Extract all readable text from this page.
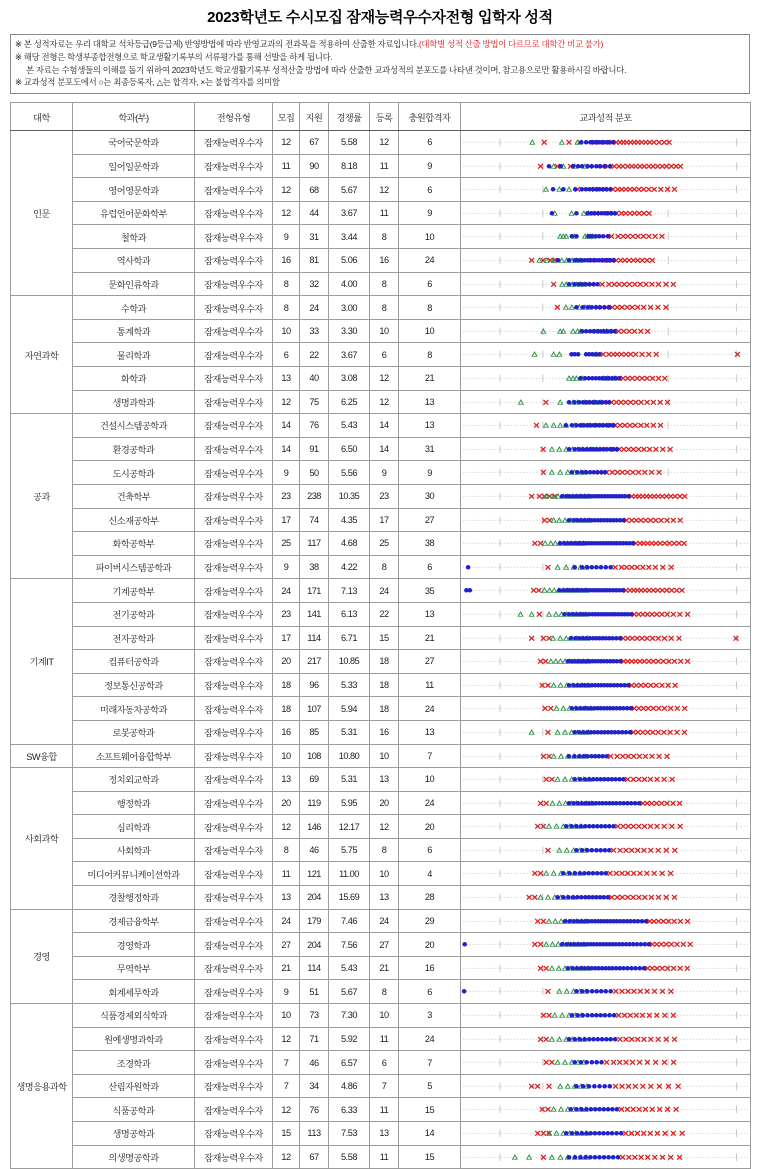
2023학년도 수시모집 잠재능력우수자전형 입학자 성적
※ 본 성적자료는 우리 대학교 석차등급(9등급제) 반영방법에 따라 반영교과의 전과목을 적용하여 산출한 자료입니다.(대학별 성적 산출 방법이 다르므로 대학간 비교 불가)
※ 해당 전형은 학생부종합전형으로 학교생활기록부의 서류평가를 통해 선발을 하게 됩니다.
본 자료는 수험생들의 이해를 돕기 위하여 2023학년도 학교생활기록부 성적산출 방법에 따라 산출한 교과성적의 분포도를 나타낸 것이며, 참고용으로만 활용하시길 바랍니다.
※ 교과성적 분포도에서 ○는 최종등록자, △는 합격자, ×는 불합격자를 의미함
대학	학과(부)	전형유형	모집	지원	경쟁률	등록	충원합격자	교과성적 분포
인문	국어국문학과	잠재능력우수자	12	67	5.58	12	6	

	일어일문학과	잠재능력우수자	11	90	8.18	11	9	

	영어영문학과	잠재능력우수자	12	68	5.67	12	6	

	유럽언어문화학부	잠재능력우수자	12	44	3.67	11	9	

	철학과	잠재능력우수자	9	31	3.44	8	10	

	역사학과	잠재능력우수자	16	81	5.06	16	24	

	문화인류학과	잠재능력우수자	8	32	4.00	8	6	

자연과학	수학과	잠재능력우수자	8	24	3.00	8	8	

	통계학과	잠재능력우수자	10	33	3.30	10	10	

	물리학과	잠재능력우수자	6	22	3.67	6	8	

	화학과	잠재능력우수자	13	40	3.08	12	21	

	생명과학과	잠재능력우수자	12	75	6.25	12	13	

공과	건설시스템공학과	잠재능력우수자	14	76	5.43	14	13	

	환경공학과	잠재능력우수자	14	91	6.50	14	31	

	도시공학과	잠재능력우수자	9	50	5.56	9	9	

	건축학부	잠재능력우수자	23	238	10.35	23	30	

	신소재공학부	잠재능력우수자	17	74	4.35	17	27	

	화학공학부	잠재능력우수자	25	117	4.68	25	38	

	파이버시스템공학과	잠재능력우수자	9	38	4.22	8	6	

기계IT	기계공학부	잠재능력우수자	24	171	7.13	24	35	

	전기공학과	잠재능력우수자	23	141	6.13	22	13	

	전자공학과	잠재능력우수자	17	114	6.71	15	21	

	컴퓨터공학과	잠재능력우수자	20	217	10.85	18	27	

	정보통신공학과	잠재능력우수자	18	96	5.33	18	11	

	미래자동차공학과	잠재능력우수자	18	107	5.94	18	24	

	로봇공학과	잠재능력우수자	16	85	5.31	16	13	

SW융합	소프트웨어융합학부	잠재능력우수자	10	108	10.80	10	7	

사회과학	정치외교학과	잠재능력우수자	13	69	5.31	13	10	

	행정학과	잠재능력우수자	20	119	5.95	20	24	

	심리학과	잠재능력우수자	12	146	12.17	12	20	

	사회학과	잠재능력우수자	8	46	5.75	8	6	

	미디어커뮤니케이션학과	잠재능력우수자	11	121	11.00	10	4	

	경찰행정학과	잠재능력우수자	13	204	15.69	13	28	

경영	경제금융학부	잠재능력우수자	24	179	7.46	24	29	

	경영학과	잠재능력우수자	27	204	7.56	27	20	

	무역학부	잠재능력우수자	21	114	5.43	21	16	

	회계세무학과	잠재능력우수자	9	51	5.67	8	6	

생명응용과학	식품경제외식학과	잠재능력우수자	10	73	7.30	10	3	

	원예생명과학과	잠재능력우수자	12	71	5.92	11	24	

	조경학과	잠재능력우수자	7	46	6.57	6	7	

	산림자원학과	잠재능력우수자	7	34	4.86	7	5	

	식품공학과	잠재능력우수자	12	76	6.33	11	15	

	생명공학과	잠재능력우수자	15	113	7.53	13	14	

	의생명공학과	잠재능력우수자	12	67	5.58	11	15	
